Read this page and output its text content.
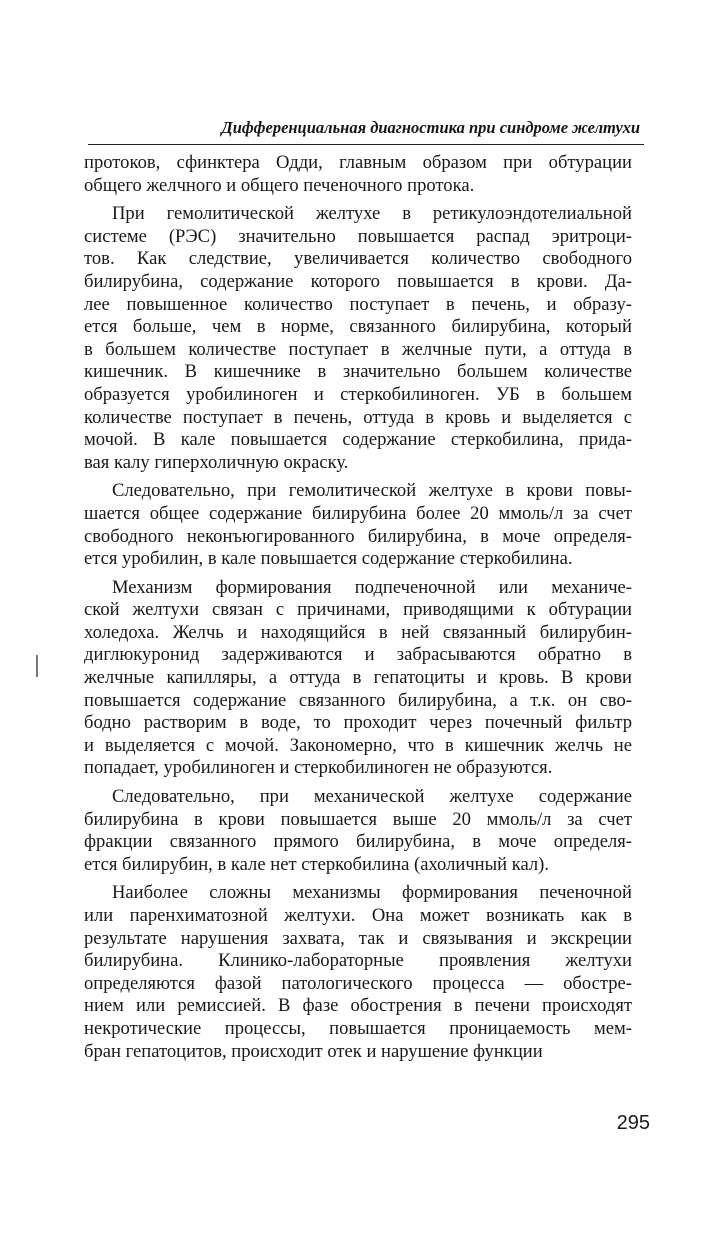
Дифференциальная диагностика при синдроме желтухи
протоков, сфинктера Одди, главным образом при обтурации
общего желчного и общего печеночного протока.
При гемолитической желтухе в ретикулоэндотелиальной
системе (РЭС) значительно повышается распад эритроци-
тов. Как следствие, увеличивается количество свободного
билирубина, содержание которого повышается в крови. Да-
лее повышенное количество поступает в печень, и образу-
ется больше, чем в норме, связанного билирубина, который
в большем количестве поступает в желчные пути, а оттуда в
кишечник. В кишечнике в значительно большем количестве
образуется уробилиноген и стеркобилиноген. УБ в большем
количестве поступает в печень, оттуда в кровь и выделяется с
мочой. В кале повышается содержание стеркобилина, прида-
вая калу гиперхоличную окраску.
Следовательно, при гемолитической желтухе в крови повы-
шается общее содержание билирубина более 20 ммоль/л за счет
свободного неконъюгированного билирубина, в моче определя-
ется уробилин, в кале повышается содержание стеркобилина.
Механизм формирования подпеченочной или механиче-
ской желтухи связан с причинами, приводящими к обтурации
холедоха. Желчь и находящийся в ней связанный билирубин-
диглюкуронид задерживаются и забрасываются обратно в
желчные капилляры, а оттуда в гепатоциты и кровь. В крови
повышается содержание связанного билирубина, а т.к. он сво-
бодно растворим в воде, то проходит через почечный фильтр
и выделяется с мочой. Закономерно, что в кишечник желчь не
попадает, уробилиноген и стеркобилиноген не образуются.
Следовательно, при механической желтухе содержание
билирубина в крови повышается выше 20 ммоль/л за счет
фракции связанного прямого билирубина, в моче определя-
ется билирубин, в кале нет стеркобилина (ахоличный кал).
Наиболее сложны механизмы формирования печеночной
или паренхиматозной желтухи. Она может возникать как в
результате нарушения захвата, так и связывания и экскреции
билирубина. Клинико-лабораторные проявления желтухи
определяются фазой патологического процесса — обостре-
нием или ремиссией. В фазе обострения в печени происходят
некротические процессы, повышается проницаемость мем-
бран гепатоцитов, происходит отек и нарушение функции
295
